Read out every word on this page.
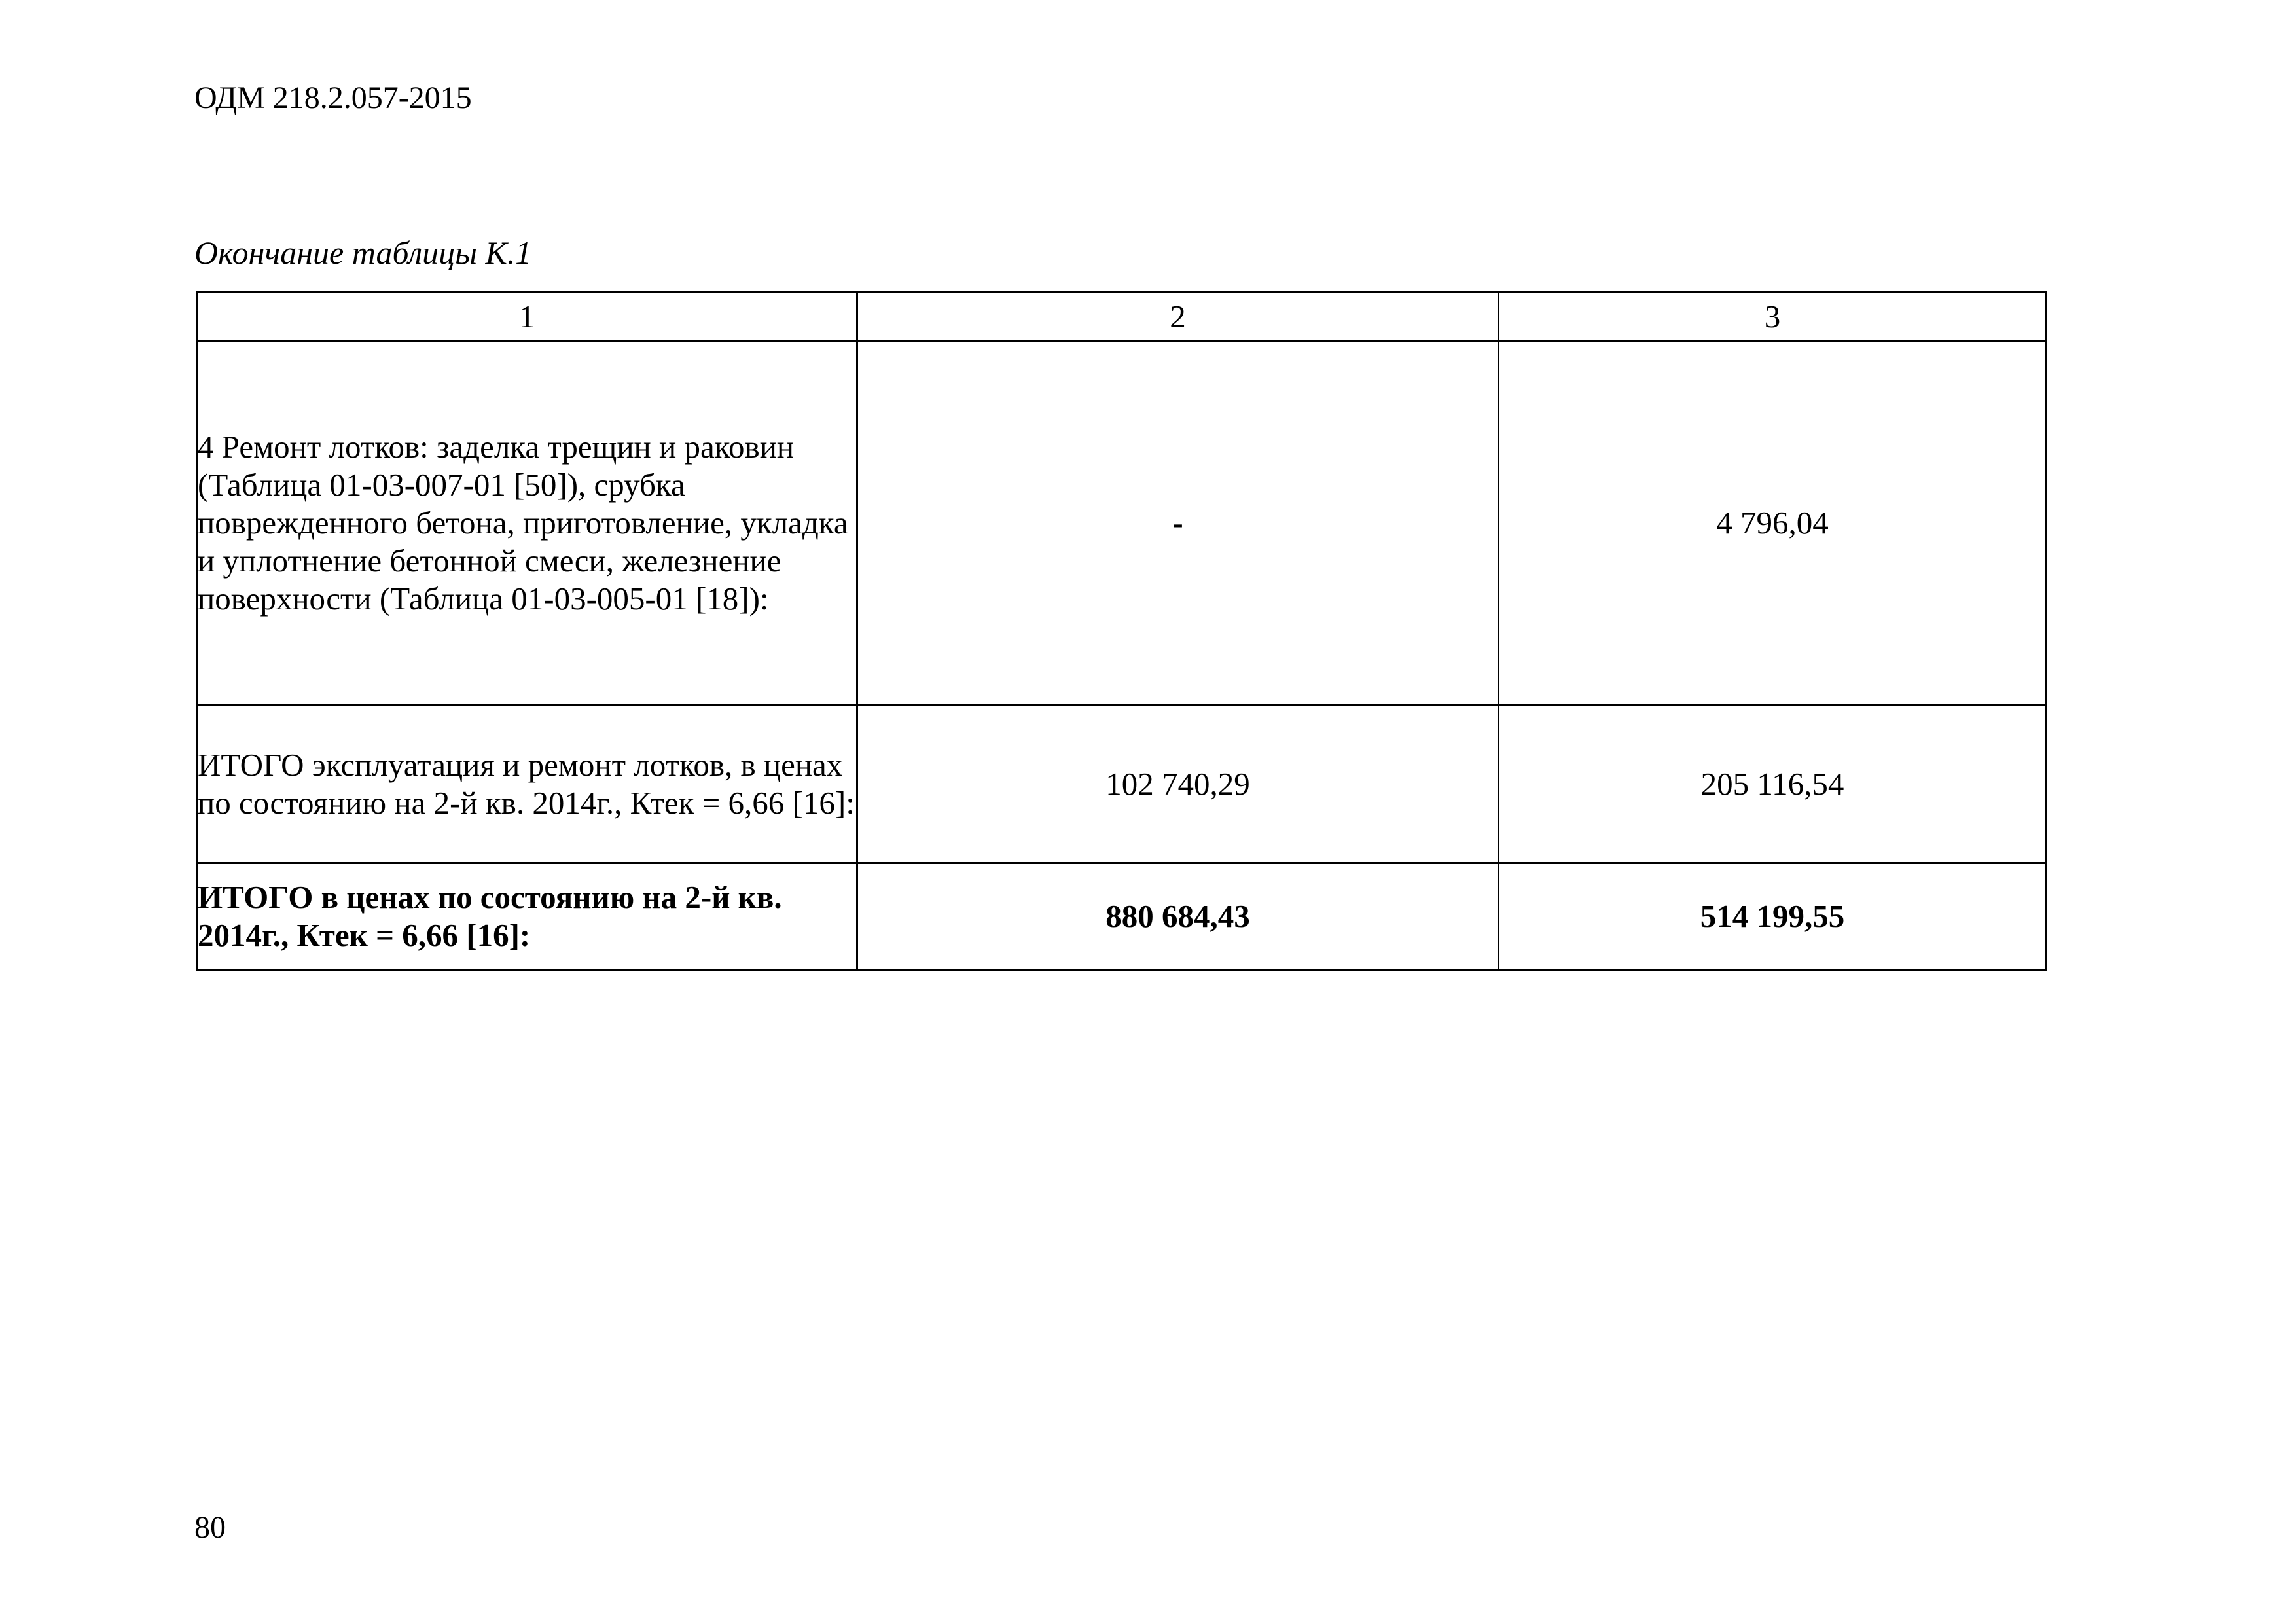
ОДМ 218.2.057-2015
Окончание таблицы К.1
1	2	3
4 Ремонт лотков: заделка трещин и раковин (Таблица 01-03-007-01 [50]), срубка поврежденного бетона, приготовление, укладка и уплотнение бетонной смеси, железнение поверхности (Таблица 01-03-005-01 [18]):	-	4 796,04
ИТОГО эксплуатация и ремонт лотков, в ценах по состоянию на 2-й кв. 2014г., Ктек = 6,66 [16]:	102 740,29	205 116,54
ИТОГО в ценах по состоянию на 2-й кв. 2014г., Ктек = 6,66 [16]:	880 684,43	514 199,55
80
